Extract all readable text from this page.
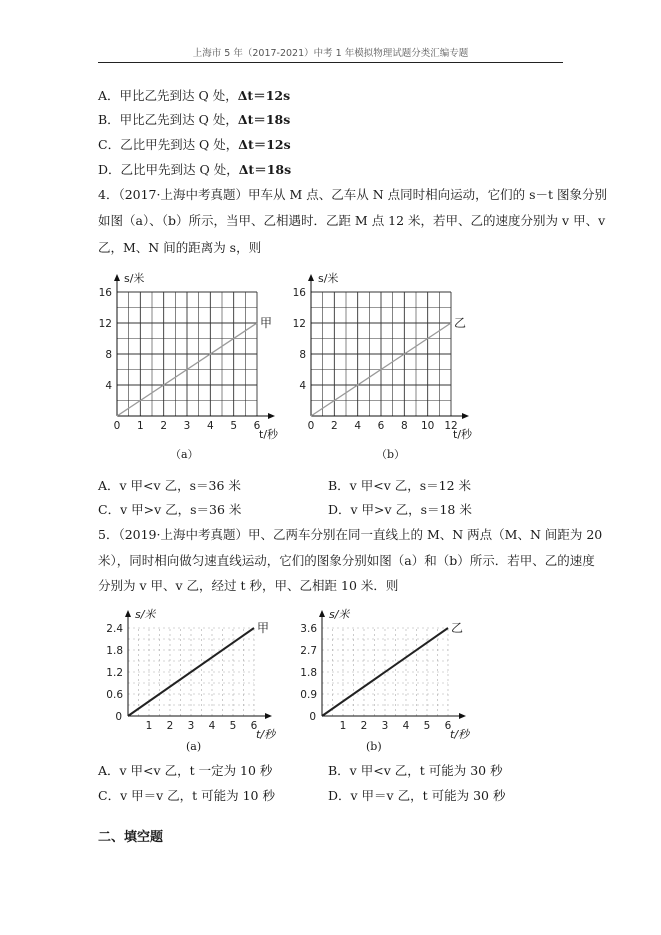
上海市 5 年（2017-2021）中考 1 年模拟物理试题分类汇编专题
A．甲比乙先到达 Q 处，Δt＝12s
B．甲比乙先到达 Q 处，Δt＝18s
C．乙比甲先到达 Q 处，Δt＝12s
D．乙比甲先到达 Q 处，Δt＝18s
4．（2017·上海中考真题）甲车从 M 点、乙车从 N 点同时相向运动，它们的 s－t 图象分别
如图（a）、（b）所示，当甲、乙相遇时．乙距 M 点 12 米，若甲、乙的速度分别为 v 甲、v
乙，M、N 间的距离为 s，则
0 1 2 3 4 5 6
4
8
12
16
s/米
t/秒
甲
0 2 4 6 8 10 12
4
8
12
16
s/米
t/秒
乙
（a）	（b）
A．v 甲<v 乙，s＝36 米	B．v 甲<v 乙，s＝12 米
C．v 甲>v 乙，s＝36 米	D．v 甲>v 乙，s＝18 米
5．（2019·上海中考真题）甲、乙两车分别在同一直线上的 M、N 两点（M、N 间距为 20
米），同时相向做匀速直线运动，它们的图象分别如图（a）和（b）所示．若甲、乙的速度
分别为 v 甲、v 乙，经过 t 秒，甲、乙相距 10 米．则
1 2 3 4 5 6
0.6
1.2
1.8
2.4
0
s/米
t/秒
甲
1 2 3 4 5 6
0.9
1.8
2.7
3.6
0
s/米
t/秒
乙
(a)	(b)
A．v 甲<v 乙，t 一定为 10 秒	B．v 甲<v 乙，t 可能为 30 秒
C．v 甲＝v 乙，t 可能为 10 秒	D．v 甲＝v 乙，t 可能为 30 秒
二、填空题
